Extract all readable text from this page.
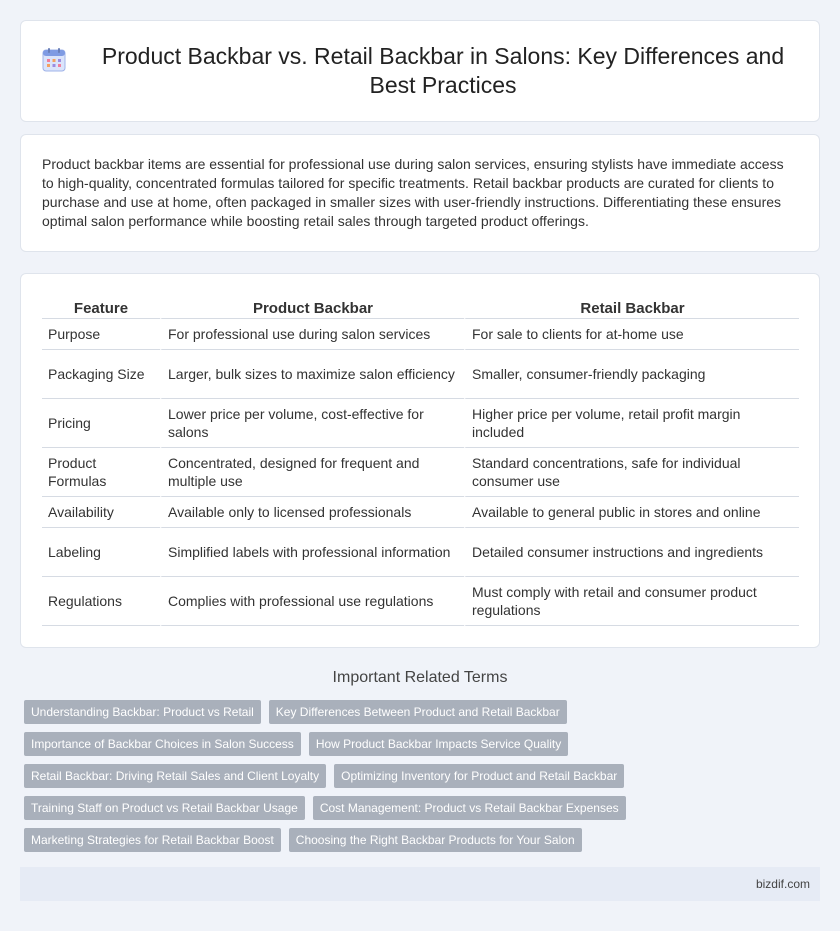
Product Backbar vs. Retail Backbar in Salons: Key Differences and Best Practices

Product backbar items are essential for professional use during salon services, ensuring stylists have immediate access to high-quality, concentrated formulas tailored for specific treatments. Retail backbar products are curated for clients to purchase and use at home, often packaged in smaller sizes with user-friendly instructions. Differentiating these ensures optimal salon performance while boosting retail sales through targeted product offerings.

Feature	Product Backbar	Retail Backbar
Purpose	For professional use during salon services	For sale to clients for at-home use
Packaging Size	Larger, bulk sizes to maximize salon efficiency	Smaller, consumer-friendly packaging
Pricing	Lower price per volume, cost-effective for salons	Higher price per volume, retail profit margin included
Product Formulas	Concentrated, designed for frequent and multiple use	Standard concentrations, safe for individual consumer use
Availability	Available only to licensed professionals	Available to general public in stores and online
Labeling	Simplified labels with professional information	Detailed consumer instructions and ingredients
Regulations	Complies with professional use regulations	Must comply with retail and consumer product regulations
Important Related Terms
Understanding Backbar: Product vs Retail	Key Differences Between Product and Retail Backbar
Importance of Backbar Choices in Salon Success	How Product Backbar Impacts Service Quality
Retail Backbar: Driving Retail Sales and Client Loyalty	Optimizing Inventory for Product and Retail Backbar
Training Staff on Product vs Retail Backbar Usage	Cost Management: Product vs Retail Backbar Expenses
Marketing Strategies for Retail Backbar Boost	Choosing the Right Backbar Products for Your Salon
bizdif.com
